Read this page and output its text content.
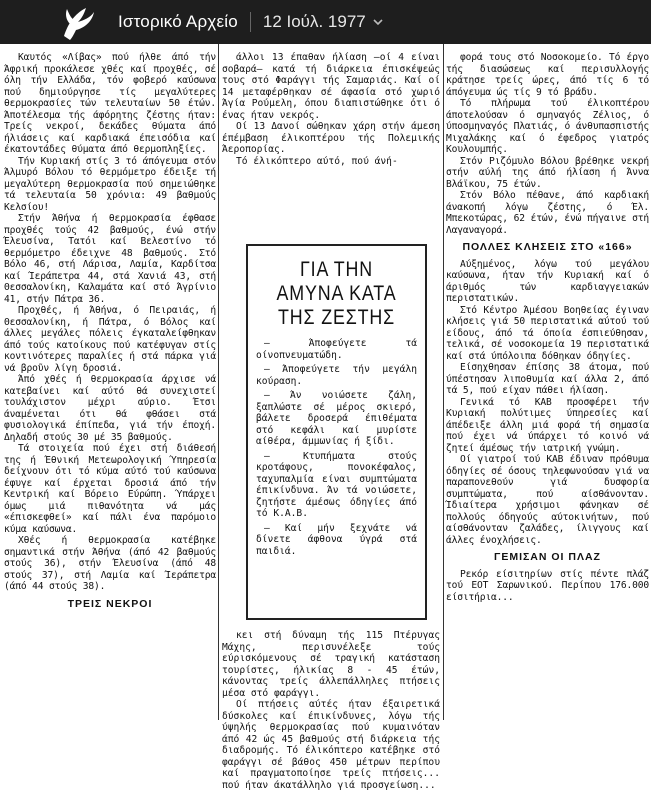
Ιστορικό Αρχείο 12 Ιούλ. 1977

Καυτός «Λίβας» πού ήλθε άπό τήν Άφρική προκάλεσε χθές καί προχθές, σέ όλη τήν Ελλάδα, τόν φοβερό καύσωνα πού δημιούργησε τίς μεγαλύτερες θερμοκρασίες τών τελευταίων 50 έτών. Άποτέλεσμα τής άφόρητης ζέστης ήταν: Τρείς νεκροί, δεκάδες θύματα άπό ήλιάσεις καί καρδιακά έπεισόδια καί έκατοντάδες θύματα άπό θερμοπληξίες.

Τήν Κυριακή στίς 3 τό άπόγευμα στόν Άλμυρό Βόλου τό θερμόμετρο έδειξε τή μεγαλύτερη θερμοκρασία πού σημειώθηκε τά τελευταία 50 χρόνια: 49 βαθμούς Κελσίου!

Στήν Άθήνα ή θερμοκρασία έφθασε προχθές τούς 42 βαθμούς, ένώ στήν Έλευσίνα, Τατόι καί Βελεστίνο τό θερμόμετρο έδειχνε 48 βαθμούς. Στό Βόλο 46, στή Λάρισα, Λαμία, Καρδίτσα καί Ίεράπετρα 44, στά Χανιά 43, στή Θεσσαλονίκη, Καλαμάτα καί στό Άγρίνιο 41, στήν Πάτρα 36.

Προχθές, ή Άθήνα, ό Πειραιάς, ή Θεσσαλονίκη, ή Πάτρα, ό Βόλος καί άλλες μεγάλες πόλεις έγκαταλείφθηκαν άπό τούς κατοίκους πού κατέφυγαν στίς κοντινότερες παραλίες ή στά πάρκα γιά νά βροῦν λίγη δροσιά.

Άπό χθές ή θερμοκρασία άρχισε νά κατεβαίνει καί αύτό θά συνεχιστεί τουλάχιστον μέχρι αύριο. Έτσι άναμένεται ότι θά φθάσει στά φυσιολογικά έπίπεδα, γιά τήν έποχή. Δηλαδή στούς 30 μέ 35 βαθμούς.

Τά στοιχεία πού έχει στή διάθεσή της ή Έθνική Μετεωρολογική Ύπηρεσία δείχνουν ότι τό κύμα αύτό τού καύσωνα έφυγε καί έρχεται δροσιά άπό τήν Κεντρική καί Βόρειο Εύρώπη. Ύπάρχει όμως μιά πιθανότητα νά μάς «έπισκεφθεί» καί πάλι ένα παρόμοιο κύμα καύσωνα.

Χθές ή θερμοκρασία κατέβηκε σημαντικά στήν Άθήνα (άπό 42 βαθμούς στούς 36), στήν Έλευσίνα (άπό 48 στούς 37), στή Λαμία καί Ίεράπετρα (άπό 44 στούς 38).

ΤΡΕΙΣ ΝΕΚΡΟΙ

άλλοι 13 έπαθαν ήλίαση —οί 4 είναι σοβαρά— κατά τή διάρκεια έπισκέψεώς τους στό Φαράγγι τής Σαμαριάς. Καί οί 14 μεταφέρθηκαν σέ άφασία στό χωριό Άγία Ρούμελη, όπου διαπιστώθηκε ότι ό ένας ήταν νεκρός.

Οί 13 Δανοί σώθηκαν χάρη στήν άμεση έπέμβαση έλικοπτέρου τής Πολεμικής Άεροπορίας.

Τό έλικόπτερο αύτό, πού άνή-

ΓΙΑ ΤΗΝ ΑΜΥΝΑ ΚΑΤΑ ΤΗΣ ΖΕΣΤΗΣ

— Άποφεύγετε τά οίνοπνευματώδη.

— Άποφεύγετε τήν μεγάλη κούραση.

— Άν νοιώσετε ζάλη, ξαπλώστε σέ μέρος σκιερό, βάλετε δροσερά έπιθέματα στό κεφάλι καί μυρίστε αίθέρα, άμμωνίας ή ξίδι.

— Κτυπήματα στούς κροτάφους, πονοκέφαλος, ταχυπαλμία είναι συμπτώματα έπικίνδυνα. Άν τά νοιώσετε, ζητήστε άμέσως όδηγίες άπό τό Κ.Α.Β.

— Καί μήν ξεχνάτε νά δίνετε άφθονα ύγρά στά παιδιά.

κει στή δύναμη τής 115 Πτέρυγας Μάχης, περισυνέλεξε τούς εύρισκόμενους σέ τραγική κατάσταση τουρίστες, ήλικίας 8 - 45 έτών, κάνοντας τρείς άλλεπάλληλες πτήσεις μέσα στό φαράγγι.

Οί πτήσεις αύτές ήταν έξαιρετικά δύσκολες καί έπικίνδυνες, λόγω τής ύψηλής θερμοκρασίας πού κυμαινόταν άπό 42 ώς 45 βαθμούς στή διάρκεια τής διαδρομής. Τό έλικόπτερο κατέβηκε στό φαράγγι σέ βάθος 450 μέτρων περίπου καί πραγματοποίησε τρείς πτήσεις... πού ήταν άκατάλληλο γιά προσγείωση...

φορά τους στό Νοσοκομείο. Τό έργο τής διασώσεως καί περισυλλογής κράτησε τρείς ώρες, άπό τίς 6 τό άπόγευμα ώς τίς 9 τό βράδυ.

Τό πλήρωμα τού έλικοπτέρου άποτελούσαν ό σμηναγός Ζέλιος, ό ύποσμηναγός Πλατιάς, ό άνθυπασπιστής Μιχαλάκης καί ό έφεδρος γιατρός Κουλουμπής.

Στόν Ριζόμυλο Βόλου βρέθηκε νεκρή στήν αύλή της άπό ήλίαση ή Άννα Βλάϊκου, 75 έτών.

Στόν Βόλο πέθανε, άπό καρδιακή άνακοπή λόγω ζέστης, ό Έλ. Μπεκοτώρας, 62 έτών, ένώ πήγαινε στή Λαγαναγορά.

ΠΟΛΛΕΣ ΚΛΗΣΕΙΣ ΣΤΟ «166»

Αύξημένος, λόγω τού μεγάλου καύσωνα, ήταν τήν Κυριακή καί ό άριθμός τών καρδιαγγειακών περιστατικών.

Στό Κέντρο Άμέσου Βοηθείας έγιναν κλήσεις γιά 50 περιστατικά αύτού τού είδους, άπό τά όποία έσπιεύθησαν, τελικά, σέ νοσοκομεία 19 περιστατικά καί στά ύπόλοιπα δόθηκαν όδηγίες.

Είσηχθησαν έπίσης 38 άτομα, πού ύπέστησαν λιποθυμία καί άλλα 2, άπό τά 5, πού είχαν πάθει ήλίαση.

Γενικά τό ΚΑΒ προσφέρει τήν Κυριακή πολύτιμες ύπηρεσίες καί άπέδειξε άλλη μιά φορά τή σημασία πού έχει νά ύπάρχει τό κοινό νά ζητεί άμέσως τήν ιατρική γνώμη.

Οί γιατροί τού ΚΑΒ έδιναν πρόθυμα όδηγίες σέ όσους τηλεφωνούσαν γιά να παραπονεθούν γιά δυσφορία συμπτώματα, πού αίσθάνονταν. Ίδιαίτερα χρήσιμοι φάνηκαν σέ πολλούς όδηγούς αύτοκινήτων, πού αίσθάνονταν ζαλάδες, ίλιγγους καί άλλες ένοχλήσεις.

ΓΕΜΙΣΑΝ ΟΙ ΠΛΑΖ

Ρεκόρ είσιτηρίων στίς πέντε πλάζ τού ΕΟΤ Σαρωνικού. Περίπου 176.000 είσιτήρια...
